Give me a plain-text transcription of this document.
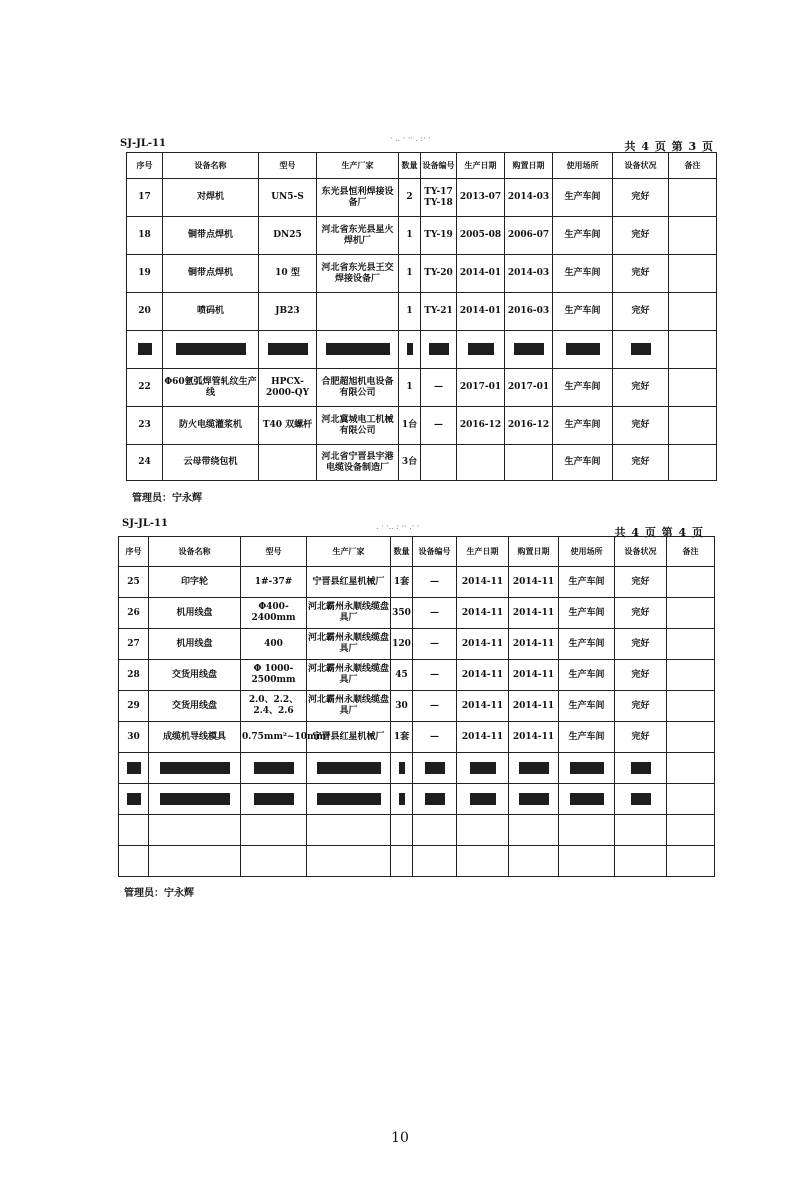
SJ-JL-11	共 4 页 第 3 页
· .. · ·· . :· ·
序号	设备名称	型号	生产厂家	数量	设备编号	生产日期	购置日期	使用场所	设备状况	备注
17	对焊机	UN5-S	东光县恒利焊接设备厂	2	TY-17 TY-18	2013-07	2014-03	生产车间	完好	
18	铜带点焊机	DN25	河北省东光县星火焊机厂	1	TY-19	2005-08	2006-07	生产车间	完好	
19	铜带点焊机	10 型	河北省东光县王交焊接设备厂	1	TY-20	2014-01	2014-03	生产车间	完好	
20	喷码机	JB23		1	TY-21	2014-01	2016-03	生产车间	完好	

22	Φ60氩弧焊管轧纹生产线	HPCX-2000-QY	合肥超旭机电设备有限公司	1	—	2017-01	2017-01	生产车间	完好	
23	防火电缆灌浆机	T40 双螺杆	河北冀城电工机械有限公司	1台	—	2016-12	2016-12	生产车间	完好	
24	云母带绕包机		河北省宁晋县宇港电缆设备制造厂	3台				生产车间	完好	
管理员：宁永辉
SJ-JL-11
共 4 页 第 4 页
. · ·.. : ·· .· ·
序号	设备名称	型号	生产厂家	数量	设备编号	生产日期	购置日期	使用场所	设备状况	备注
25	印字轮	1#-37#	宁晋县红星机械厂	1套	—	2014-11	2014-11	生产车间	完好	
26	机用线盘	Φ400-2400mm	河北霸州永顺线缆盘具厂	350	—	2014-11	2014-11	生产车间	完好	
27	机用线盘	400	河北霸州永顺线缆盘具厂	120	—	2014-11	2014-11	生产车间	完好	
28	交货用线盘	Φ 1000-2500mm	河北霸州永顺线缆盘具厂	45	—	2014-11	2014-11	生产车间	完好	
29	交货用线盘	2.0、2.2、2.4、2.6	河北霸州永顺线缆盘具厂	30	—	2014-11	2014-11	生产车间	完好	
30	成缆机导线模具	0.75mm²~10mm²	宁晋县红星机械厂	1套	—	2014-11	2014-11	生产车间	完好	

管理员：宁永辉
10
